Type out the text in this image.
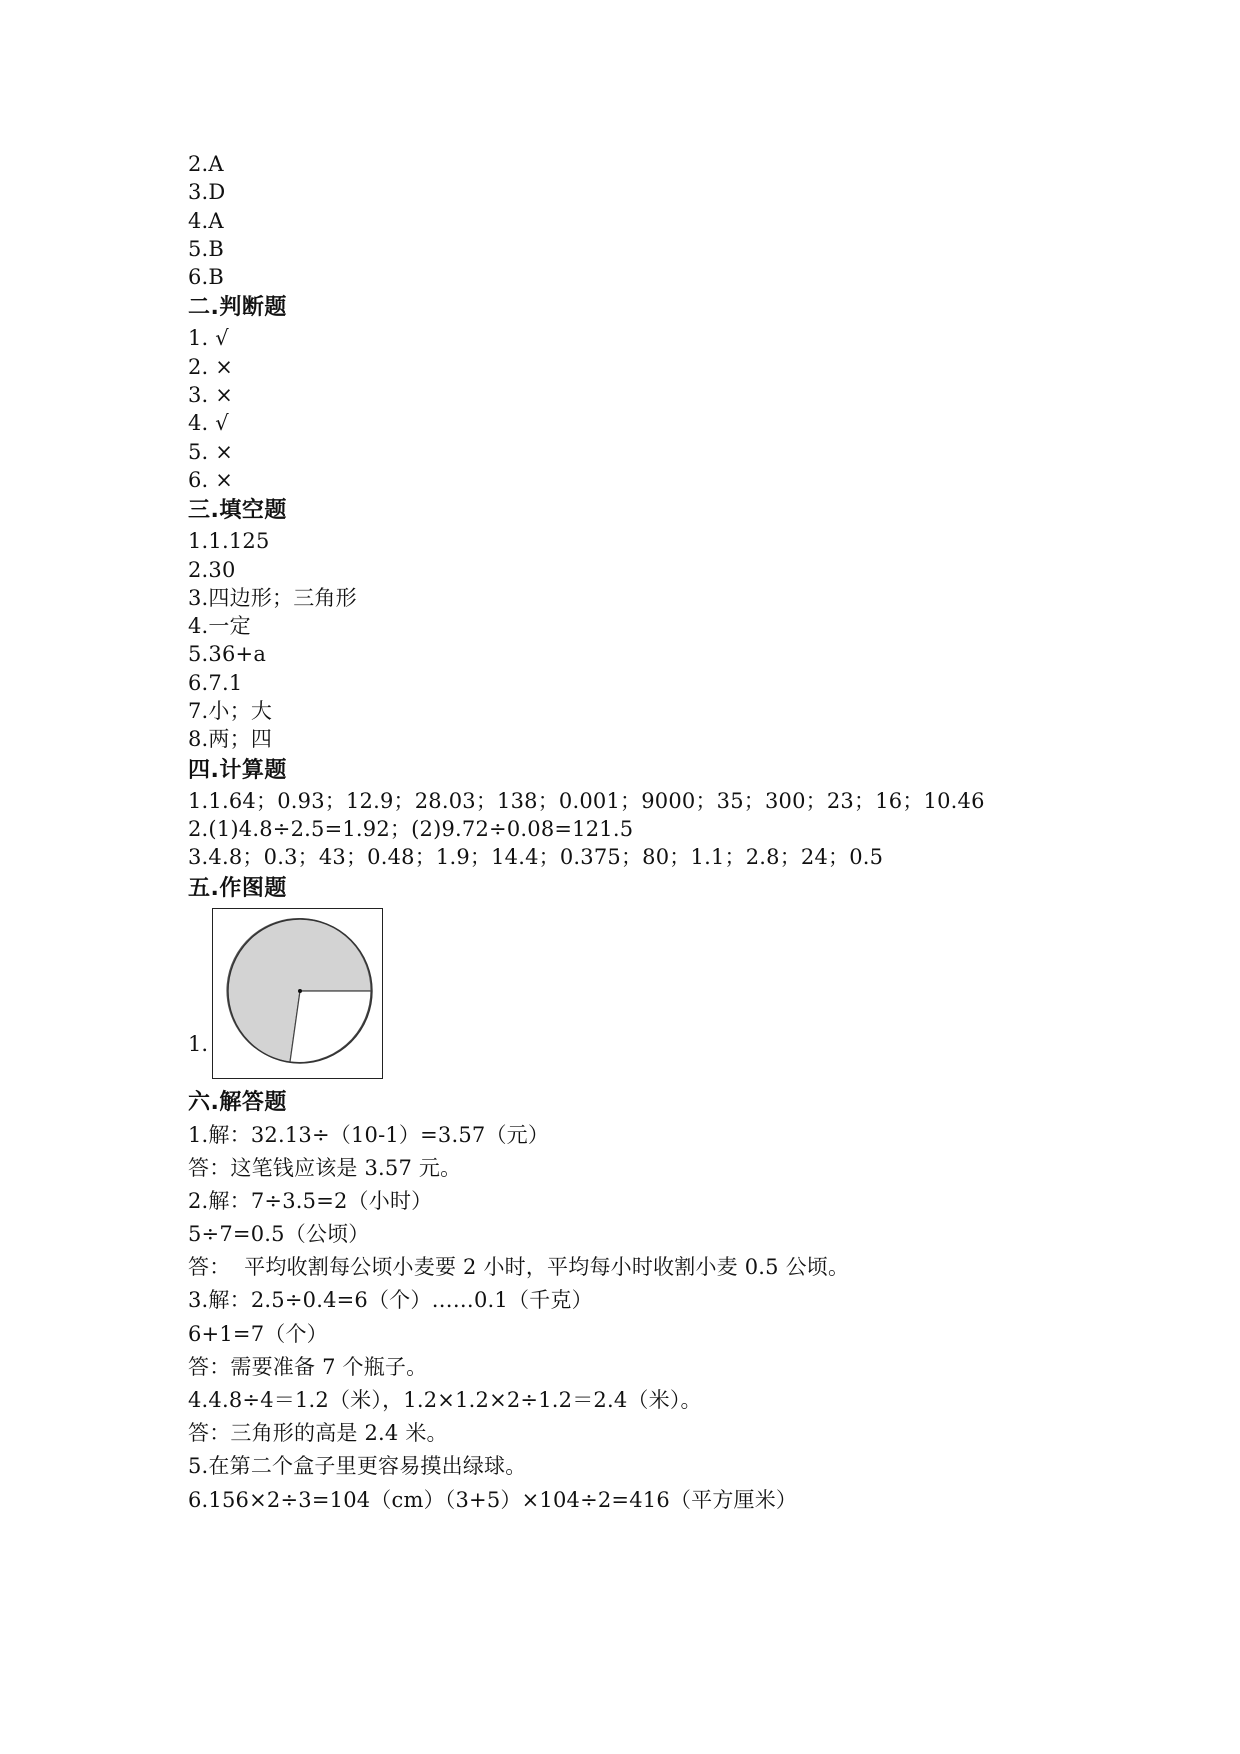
2.A
3.D
4.A
5.B
6.B
二.判断题
1. √
2. ×
3. ×
4. √
5. ×
6. ×
三.填空题
1.1.125
2.30
3.四边形；三角形
4.一定
5.36+a
6.7.1
7.小；大
8.两；四
四.计算题
1.1.64；0.93；12.9；28.03；138；0.001；9000；35；300；23；16；10.46
2.(1)4.8÷2.5=1.92；(2)9.72÷0.08=121.5
3.4.8；0.3；43；0.48；1.9；14.4；0.375；80；1.1；2.8；24；0.5
五.作图题
1.
六.解答题
1.解：32.13÷（10-1）=3.57（元）
答：这笔钱应该是 3.57 元。
2.解：7÷3.5=2（小时）
5÷7=0.5（公顷）
答：  平均收割每公顷小麦要 2 小时，平均每小时收割小麦 0.5 公顷。
3.解：2.5÷0.4=6（个）……0.1（千克）
6+1=7（个）
答：需要准备 7 个瓶子。
4.4.8÷4＝1.2（米），1.2×1.2×2÷1.2＝2.4（米）。
答：三角形的高是 2.4 米。
5.在第二个盒子里更容易摸出绿球。
6.156×2÷3=104（cm）（3+5）×104÷2=416（平方厘米）
